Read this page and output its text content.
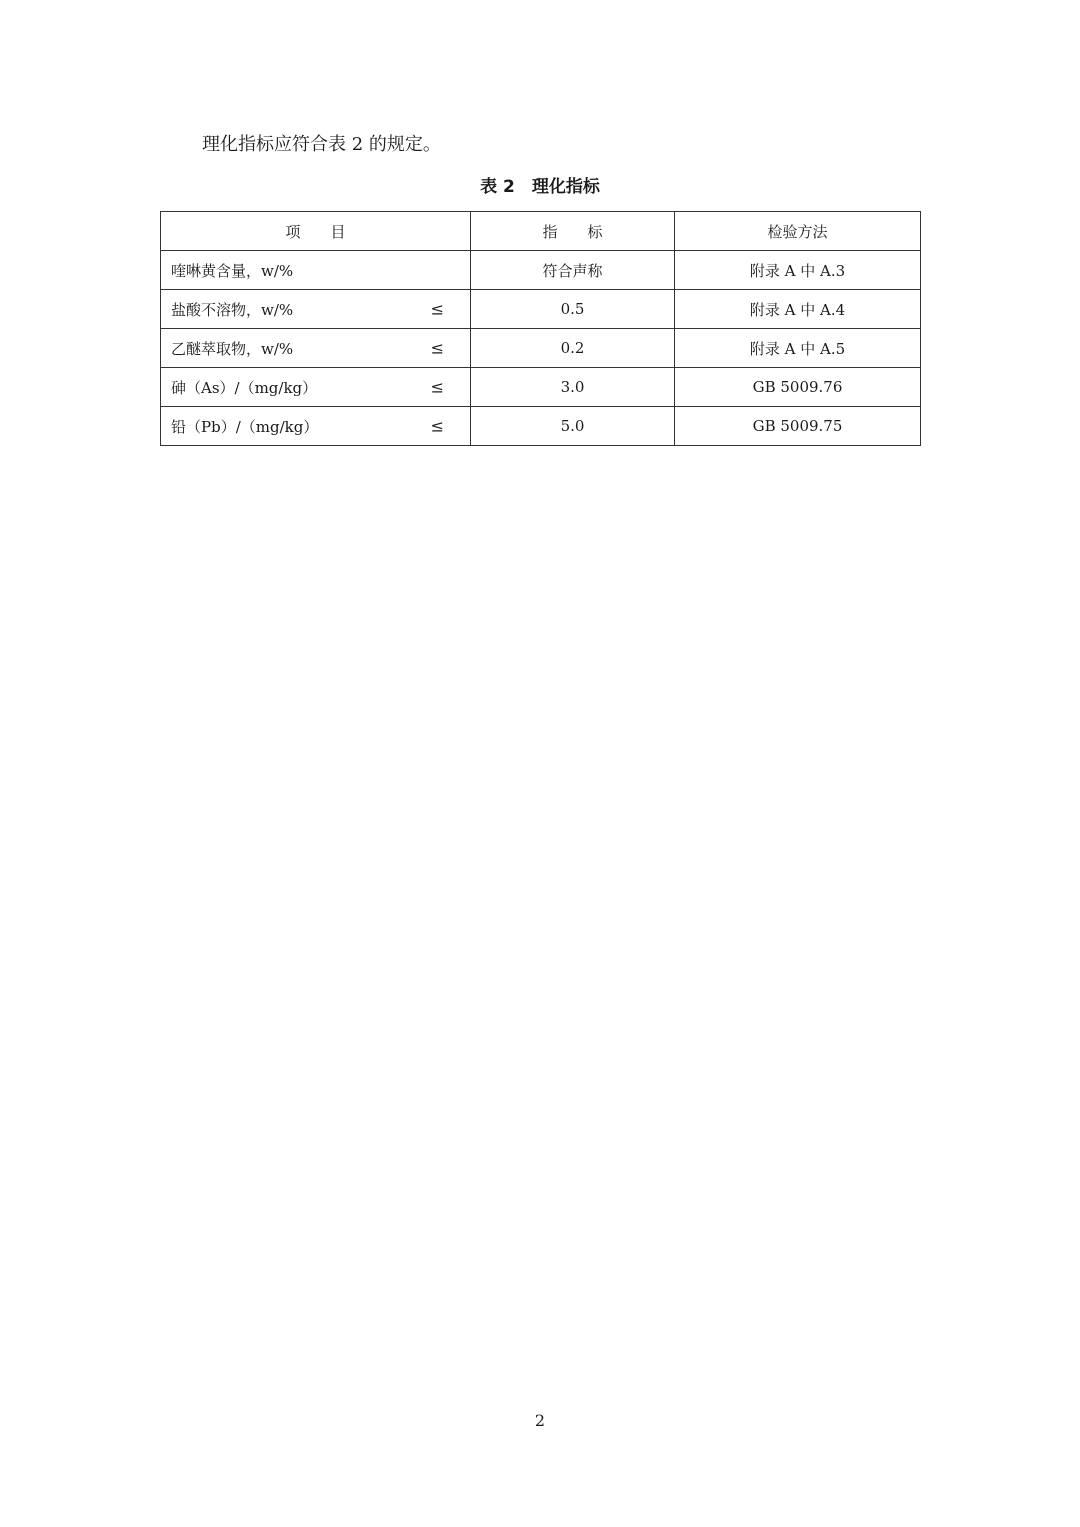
理化指标应符合表 2 的规定。
表 2　理化指标
项　　目	指　　标	检验方法
喹啉黄含量，w/%	符合声称	附录 A 中 A.3
盐酸不溶物，w/% ≤	0.5	附录 A 中 A.4
乙醚萃取物，w/% ≤	0.2	附录 A 中 A.5
砷（As）/（mg/kg） ≤	3.0	GB 5009.76
铅（Pb）/（mg/kg） ≤	5.0	GB 5009.75
2
